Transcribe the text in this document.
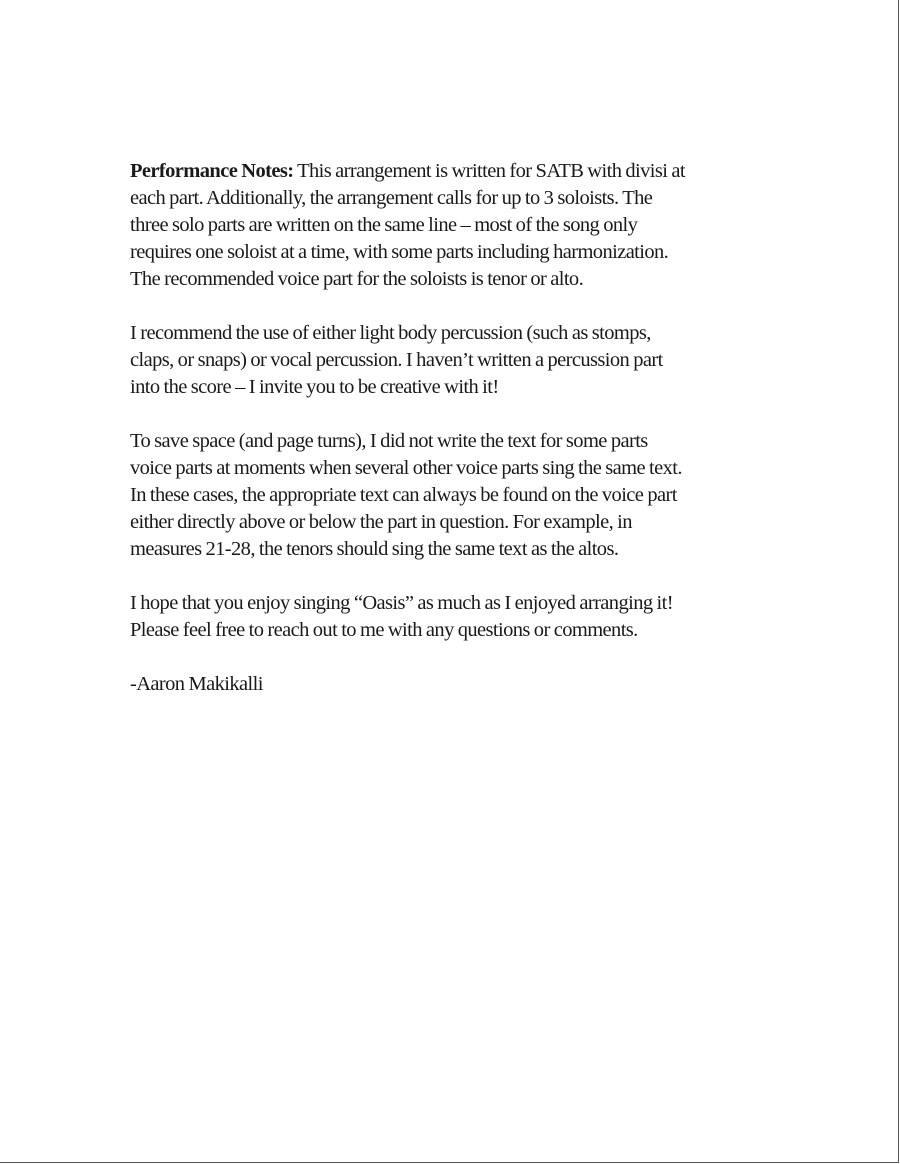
Performance Notes: This arrangement is written for SATB with divisi at
each part. Additionally, the arrangement calls for up to 3 soloists. The
three solo parts are written on the same line – most of the song only
requires one soloist at a time, with some parts including harmonization.
The recommended voice part for the soloists is tenor or alto.

I recommend the use of either light body percussion (such as stomps,
claps, or snaps) or vocal percussion. I haven’t written a percussion part
into the score – I invite you to be creative with it!

To save space (and page turns), I did not write the text for some parts
voice parts at moments when several other voice parts sing the same text.
In these cases, the appropriate text can always be found on the voice part
either directly above or below the part in question. For example, in
measures 21-28, the tenors should sing the same text as the altos.

I hope that you enjoy singing “Oasis” as much as I enjoyed arranging it!
Please feel free to reach out to me with any questions or comments.

-Aaron Makikalli
